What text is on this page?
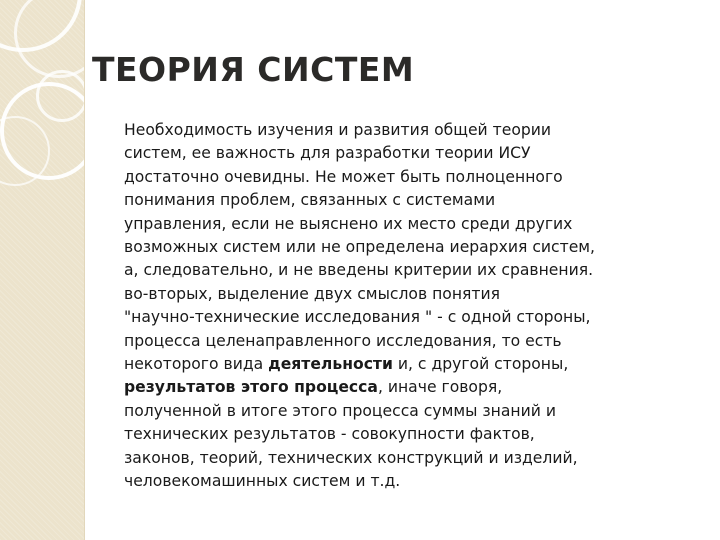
ТЕОРИЯ СИСТЕМ
Необходимость изучения и развития общей теории
систем, ее важность для разработки теории ИСУ
достаточно очевидны. Не может быть полноценного
понимания проблем, связанных с системами
управления, если не выяснено их место среди других
возможных систем или не определена иерархия систем,
а, следовательно, и не введены критерии их сравнения.
во-вторых, выделение двух смыслов понятия
"научно-технические исследования " - с одной стороны,
процесса целенаправленного исследования, то есть
некоторого вида деятельности и, с другой стороны,
результатов этого процесса, иначе говоря,
полученной в итоге этого процесса суммы знаний и
технических результатов - совокупности фактов,
законов, теорий, технических конструкций и изделий,
человекомашинных систем и т.д.
